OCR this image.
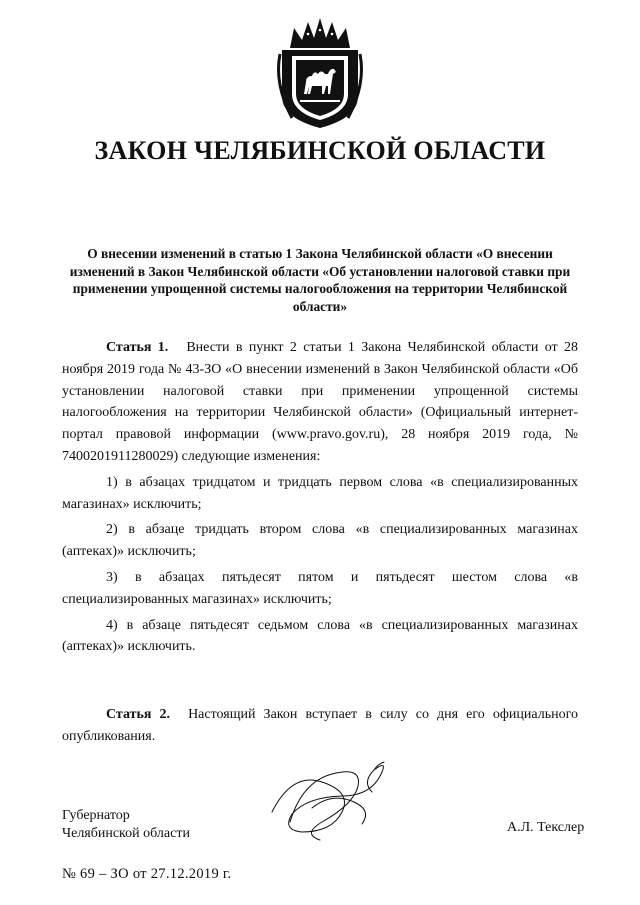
ЗАКОН ЧЕЛЯБИНСКОЙ ОБЛАСТИ
О внесении изменений в статью 1 Закона Челябинской области «О внесении изменений в Закон Челябинской области «Об установлении налоговой ставки при применении упрощенной системы налогообложения на территории Челябинской области»

Статья 1. Внести в пункт 2 статьи 1 Закона Челябинской области от 28 ноября 2019 года № 43-ЗО «О внесении изменений в Закон Челябинской области «Об установлении налоговой ставки при применении упрощенной системы налогообложения на территории Челябинской области» (Официальный интернет-портал правовой информации (www.pravo.gov.ru), 28 ноября 2019 года, № 7400201911280029) следующие изменения:

1) в абзацах тридцатом и тридцать первом слова «в специализированных магазинах» исключить;

2) в абзаце тридцать втором слова «в специализированных магазинах (аптеках)» исключить;

3) в абзацах пятьдесят пятом и пятьдесят шестом слова «в специализированных магазинах» исключить;

4) в абзаце пятьдесят седьмом слова «в специализированных магазинах (аптеках)» исключить.

Статья 2. Настоящий Закон вступает в силу со дня его официального опубликования.

Губернатор
Челябинской области	А.Л. Текслер
№ 69 – ЗО от 27.12.2019 г.
